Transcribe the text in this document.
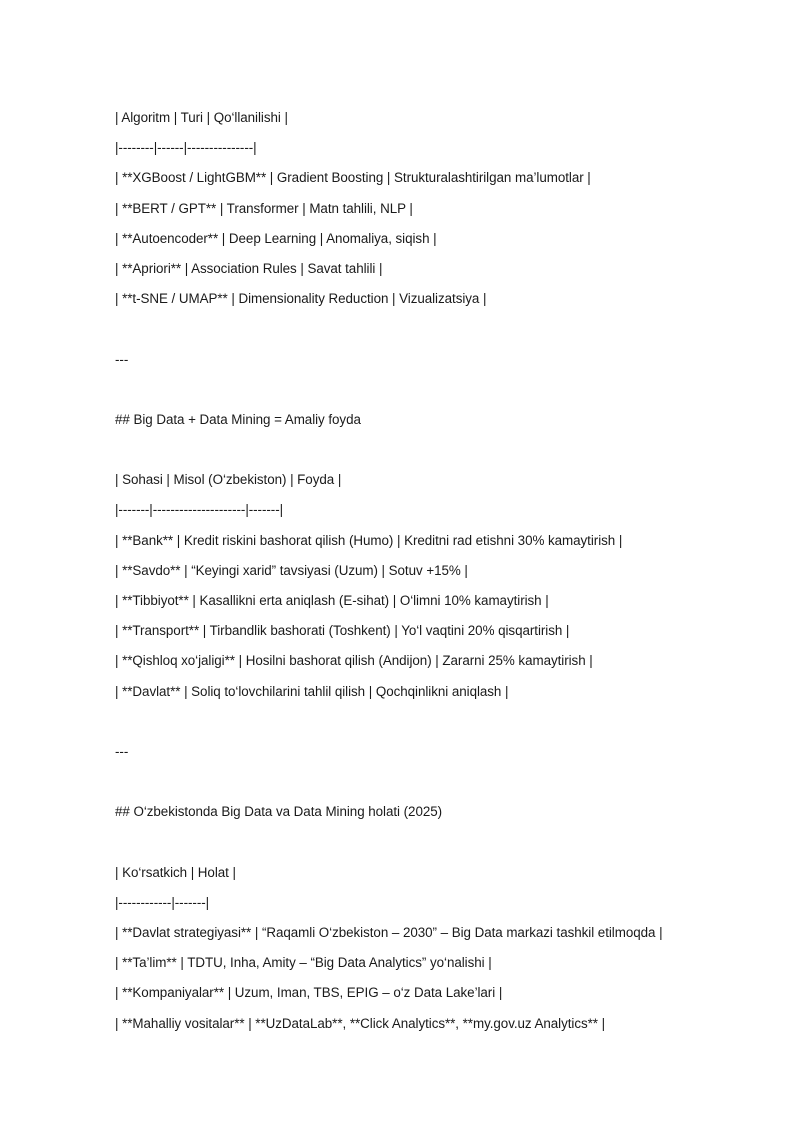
| Algoritm | Turi | Qo‘llanilishi |
|--------|------|---------------|
| **XGBoost / LightGBM** | Gradient Boosting | Strukturalashtirilgan ma’lumotlar |
| **BERT / GPT** | Transformer | Matn tahlili, NLP |
| **Autoencoder** | Deep Learning | Anomaliya, siqish |
| **Apriori** | Association Rules | Savat tahlili |
| **t-SNE / UMAP** | Dimensionality Reduction | Vizualizatsiya |
---
## Big Data + Data Mining = Amaliy foyda
| Sohasi | Misol (O‘zbekiston) | Foyda |
|-------|---------------------|-------|
| **Bank** | Kredit riskini bashorat qilish (Humo) | Kreditni rad etishni 30% kamaytirish |
| **Savdo** | “Keyingi xarid” tavsiyasi (Uzum) | Sotuv +15% |
| **Tibbiyot** | Kasallikni erta aniqlash (E-sihat) | O‘limni 10% kamaytirish |
| **Transport** | Tirbandlik bashorati (Toshkent) | Yo‘l vaqtini 20% qisqartirish |
| **Qishloq xo‘jaligi** | Hosilni bashorat qilish (Andijon) | Zararni 25% kamaytirish |
| **Davlat** | Soliq to‘lovchilarini tahlil qilish | Qochqinlikni aniqlash |
---
## O‘zbekistonda Big Data va Data Mining holati (2025)
| Ko‘rsatkich | Holat |
|------------|-------|
| **Davlat strategiyasi** | “Raqamli O‘zbekiston – 2030” – Big Data markazi tashkil etilmoqda |
| **Ta’lim** | TDTU, Inha, Amity – “Big Data Analytics” yo‘nalishi |
| **Kompaniyalar** | Uzum, Iman, TBS, EPIG – o‘z Data Lake’lari |
| **Mahalliy vositalar** | **UzDataLab**, **Click Analytics**, **my.gov.uz Analytics** |
